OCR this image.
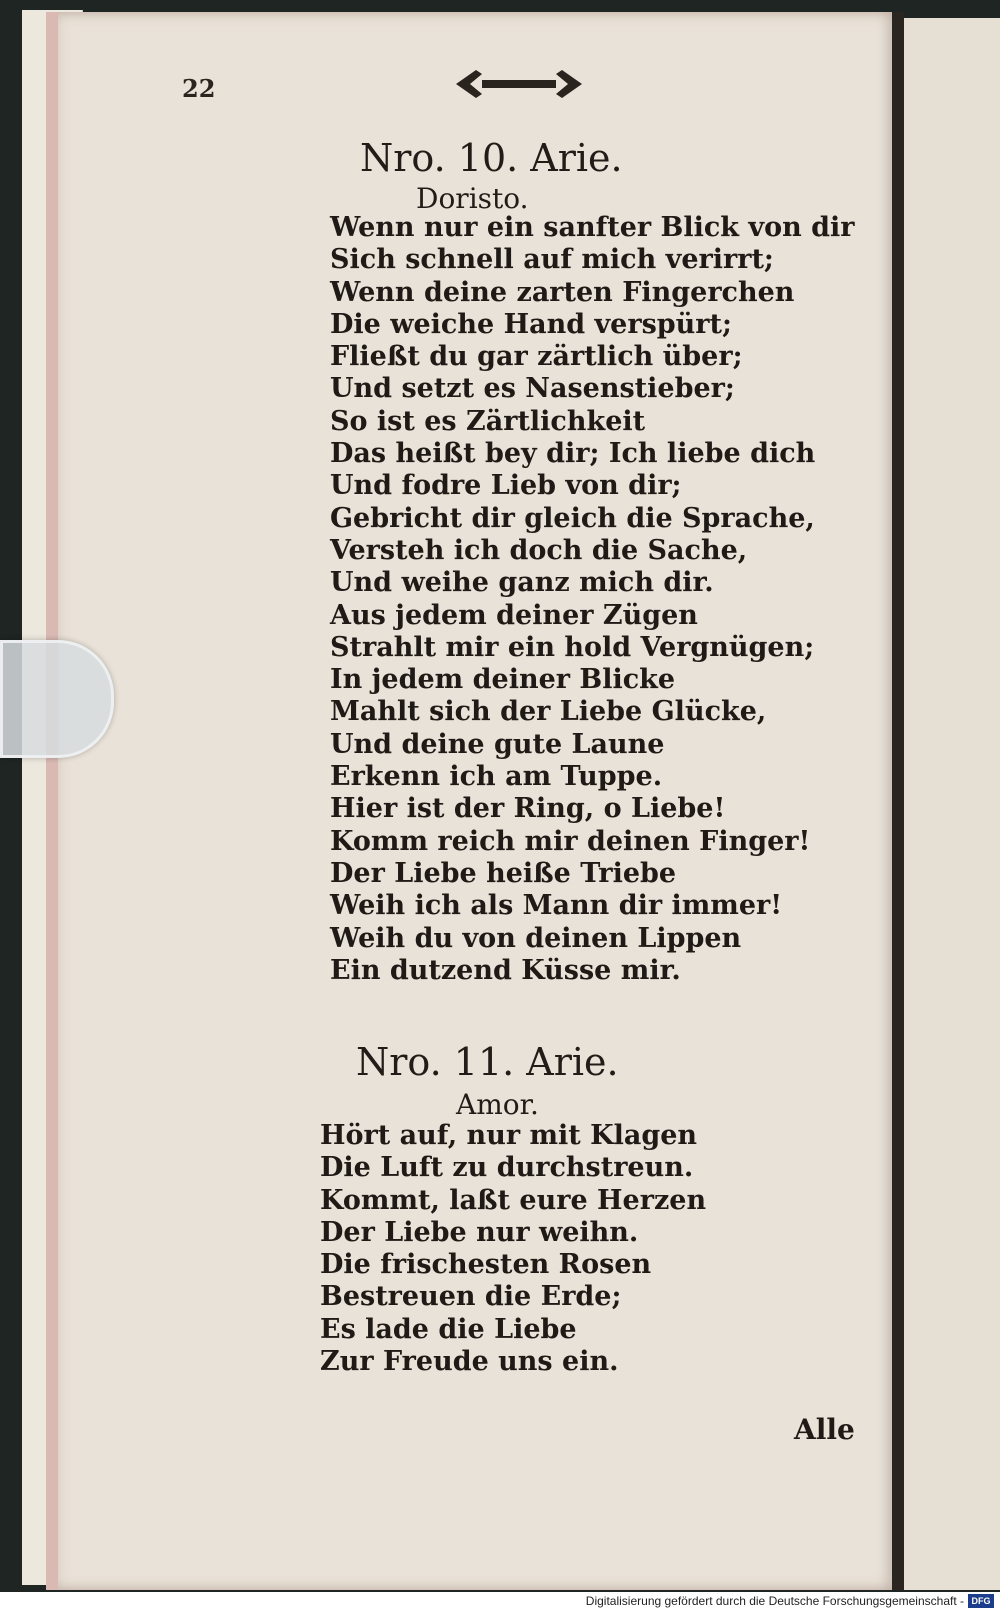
22
Nro. 10. Arie.
Doristo.
Wenn nur ein sanfter Blick von dir
Sich schnell auf mich verirrt;
Wenn deine zarten Fingerchen
Die weiche Hand verspürt;
Fließt du gar zärtlich über;
Und setzt es Nasenstieber;
So ist es Zärtlichkeit
Das heißt bey dir; Ich liebe dich
Und fodre Lieb von dir;
Gebricht dir gleich die Sprache,
Versteh ich doch die Sache,
Und weihe ganz mich dir.
Aus jedem deiner Zügen
Strahlt mir ein hold Vergnügen;
In jedem deiner Blicke
Mahlt sich der Liebe Glücke,
Und deine gute Laune
Erkenn ich am Tuppe.
Hier ist der Ring, o Liebe!
Komm reich mir deinen Finger!
Der Liebe heiße Triebe
Weih ich als Mann dir immer!
Weih du von deinen Lippen
Ein dutzend Küsse mir.
Nro. 11. Arie.
Amor.
Hört auf, nur mit Klagen
Die Luft zu durchstreun.
Kommt, laßt eure Herzen
Der Liebe nur weihn.
Die frischesten Rosen
Bestreuen die Erde;
Es lade die Liebe
Zur Freude uns ein.
Alle
Digitalisierung gefördert durch die Deutsche Forschungsgemeinschaft - DFG
